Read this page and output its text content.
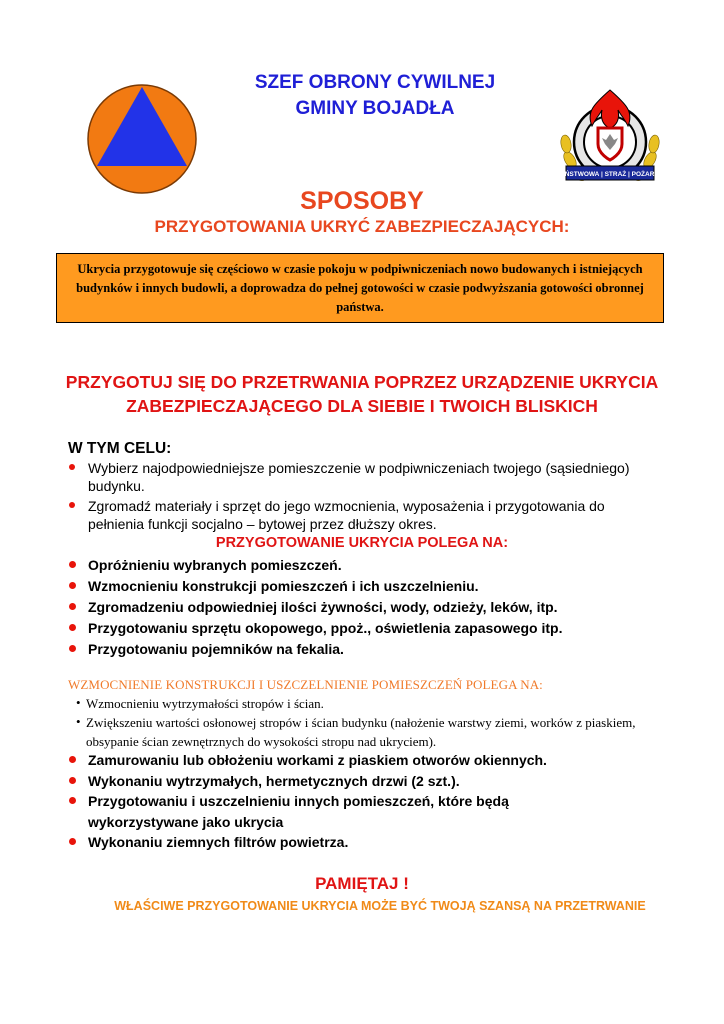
SZEF OBRONY CYWILNEJ
GMINY BOJADŁA
PAŃSTWOWA | STRAŻ | POŻARNA
SPOSOBY
PRZYGOTOWANIA UKRYĆ ZABEZPIECZAJĄCYCH:
Ukrycia przygotowuje się częściowo w czasie pokoju w podpiwniczeniach nowo budowanych i istniejących budynków i innych budowli, a doprowadza do pełnej gotowości w czasie podwyższania gotowości obronnej państwa.
PRZYGOTUJ SIĘ DO PRZETRWANIA POPRZEZ URZĄDZENIE UKRYCIA ZABEZPIECZAJĄCEGO DLA SIEBIE I TWOICH BLISKICH
W TYM CELU:
Wybierz najodpowiedniejsze pomieszczenie w podpiwniczeniach twojego (sąsiedniego) budynku.
Zgromadź materiały i sprzęt do jego wzmocnienia, wyposażenia i przygotowania do pełnienia funkcji socjalno – bytowej przez dłuższy okres.
PRZYGOTOWANIE UKRYCIA POLEGA NA:
Opróżnieniu wybranych pomieszczeń.
Wzmocnieniu konstrukcji pomieszczeń i ich uszczelnieniu.
Zgromadzeniu odpowiedniej ilości żywności, wody, odzieży, leków, itp.
Przygotowaniu sprzętu okopowego, ppoż., oświetlenia zapasowego itp.
Przygotowaniu pojemników na fekalia.
WZMOCNIENIE KONSTRUKCJI I USZCZELNIENIE POMIESZCZEŃ POLEGA NA:
• Wzmocnieniu wytrzymałości stropów i ścian.
• Zwiększeniu wartości osłonowej stropów i ścian budynku (nałożenie warstwy ziemi, worków z piaskiem, obsypanie ścian zewnętrznych do wysokości stropu nad ukryciem).
Zamurowaniu lub obłożeniu workami z piaskiem otworów okiennych.
Wykonaniu wytrzymałych, hermetycznych drzwi (2 szt.).
Przygotowaniu i uszczelnieniu innych pomieszczeń, które będą wykorzystywane jako ukrycia
Wykonaniu ziemnych filtrów powietrza.
PAMIĘTAJ !
WŁAŚCIWE PRZYGOTOWANIE UKRYCIA MOŻE BYĆ TWOJĄ SZANSĄ NA PRZETRWANIE
